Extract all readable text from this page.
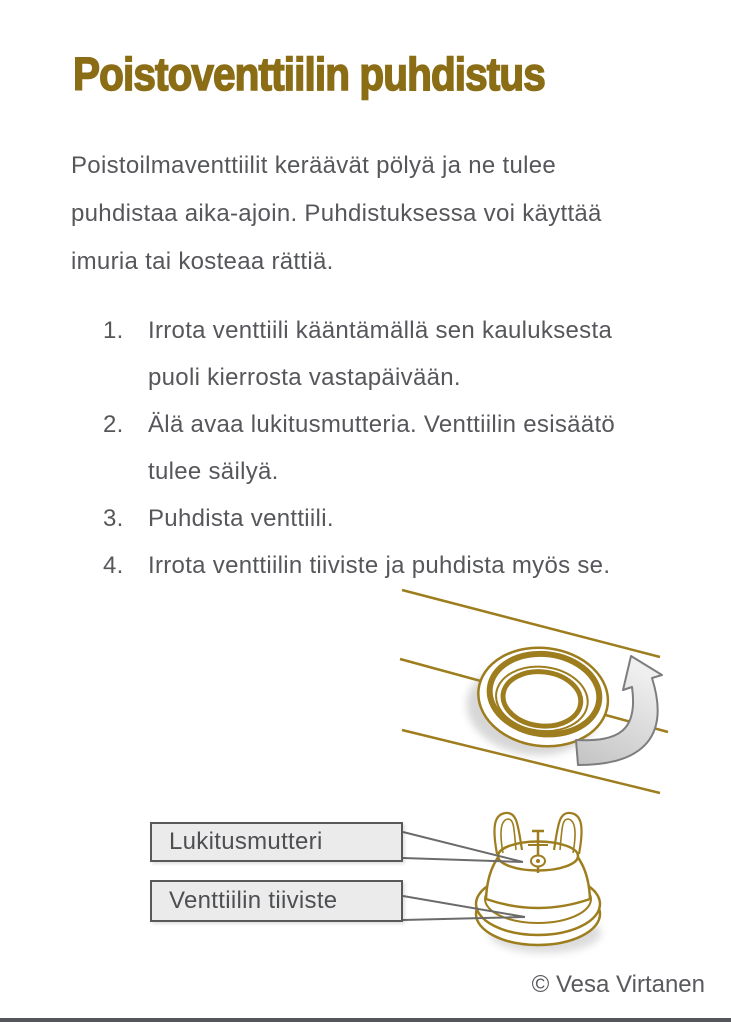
Poistoventtiilin puhdistus
Poistoilmaventtiilit keräävät pölyä ja ne tulee
puhdistaa aika-ajoin. Puhdistuksessa voi käyttää
imuria tai kosteaa rättiä.
1.	Irrota venttiili kääntämällä sen kauluksesta
puoli kierrosta vastapäivään.
2.	Älä avaa lukitusmutteria. Venttiilin esisäätö
tulee säilyä.
3.	Puhdista venttiili.
4.	Irrota venttiilin tiiviste ja puhdista myös se.
Lukitusmutteri
Venttiilin tiiviste
© Vesa Virtanen
